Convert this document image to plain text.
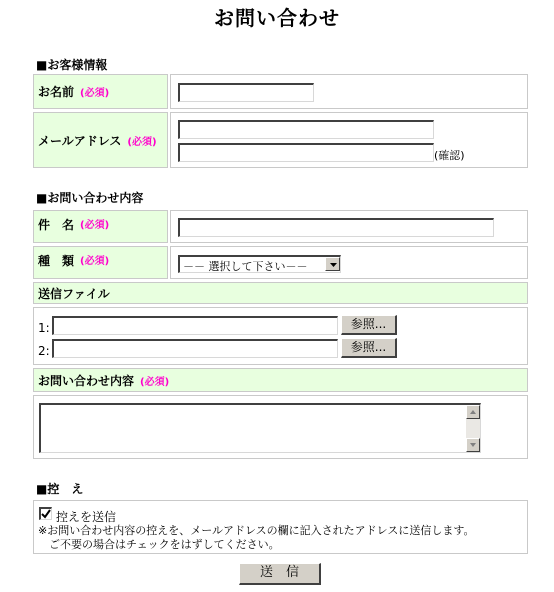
お問い合わせ
■お客様情報
お名前 (必須)
メールアドレス (必須)
(確認)
■お問い合わせ内容
件　名 (必須)
種　類 (必須)	－－ 選択して下さい－－
送信ファイル
1:	参照...
2:	参照...
お問い合わせ内容 (必須)
■控　え
控えを送信
※お問い合わせ内容の控えを、メールアドレスの欄に記入されたアドレスに送信します。
　ご不要の場合はチェックをはずしてください。
送　信
